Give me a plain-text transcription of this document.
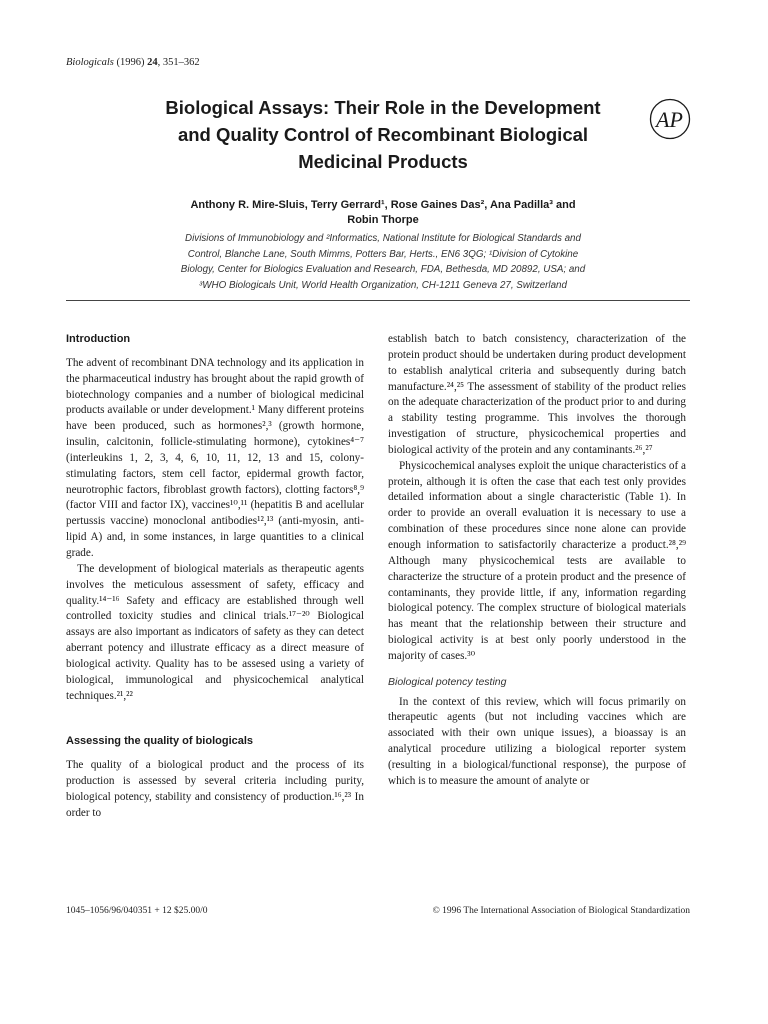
Biologicals (1996) 24, 351–362
Biological Assays: Their Role in the Development
and Quality Control of Recombinant Biological
Medicinal Products
AP
Anthony R. Mire-Sluis, Terry Gerrard¹, Rose Gaines Das², Ana Padilla³ and
Robin Thorpe
Divisions of Immunobiology and ²Informatics, National Institute for Biological Standards and
Control, Blanche Lane, South Mimms, Potters Bar, Herts., EN6 3QG; ¹Division of Cytokine
Biology, Center for Biologics Evaluation and Research, FDA, Bethesda, MD 20892, USA; and
³WHO Biologicals Unit, World Health Organization, CH-1211 Geneva 27, Switzerland
Introduction

The advent of recombinant DNA technology and its application in the pharmaceutical industry has brought about the rapid growth of biotechnology companies and a number of biological medicinal products available or under development.¹ Many different proteins have been produced, such as hormones²,³ (growth hormone, insulin, calcitonin, follicle-stimulating hormone), cytokines⁴⁻⁷ (interleukins 1, 2, 3, 4, 6, 10, 11, 12, 13 and 15, colony-stimulating factors, stem cell factor, epidermal growth factor, neurotrophic factors, fibroblast growth factors), clotting factors⁸,⁹ (factor VIII and factor IX), vaccines¹⁰,¹¹ (hepatitis B and acellular pertussis vaccine) monoclonal antibodies¹²,¹³ (anti-myosin, anti-lipid A) and, in some instances, in large quantities to a clinical grade.

The development of biological materials as therapeutic agents involves the meticulous assessment of safety, efficacy and quality.¹⁴⁻¹⁶ Safety and efficacy are established through well controlled toxicity studies and clinical trials.¹⁷⁻²⁰ Biological assays are also important as indicators of safety as they can detect aberrant potency and illustrate efficacy as a direct measure of biological activity. Quality has to be assesed using a variety of biological, immunological and physicochemical analytical techniques.²¹,²²

Assessing the quality of biologicals

The quality of a biological product and the process of its production is assessed by several criteria including purity, biological potency, stability and consistency of production.¹⁶,²³ In order to

establish batch to batch consistency, characterization of the protein product should be undertaken during product development to establish analytical criteria and subsequently during batch manufacture.²⁴,²⁵ The assessment of stability of the product relies on the adequate characterization of the product prior to and during a stability testing programme. This involves the thorough investigation of structure, physicochemical properties and biological activity of the protein and any contaminants.²⁶,²⁷

Physicochemical analyses exploit the unique characteristics of a protein, although it is often the case that each test only provides detailed information about a single characteristic (Table 1). In order to provide an overall evaluation it is necessary to use a combination of these procedures since none alone can provide enough information to satisfactorily characterize a product.²⁸,²⁹ Although many physicochemical tests are available to characterize the structure of a protein product and the presence of contaminants, they provide little, if any, information regarding biological potency. The complex structure of biological materials has meant that the relationship between their structure and biological activity is at best only poorly understood in the majority of cases.³⁰

Biological potency testing

In the context of this review, which will focus primarily on therapeutic agents (but not including vaccines which are associated with their own unique issues), a bioassay is an analytical procedure utilizing a biological reporter system (resulting in a biological/functional response), the purpose of which is to measure the amount of analyte or

1045–1056/96/040351 + 12 $25.00/0	© 1996 The International Association of Biological Standardization
